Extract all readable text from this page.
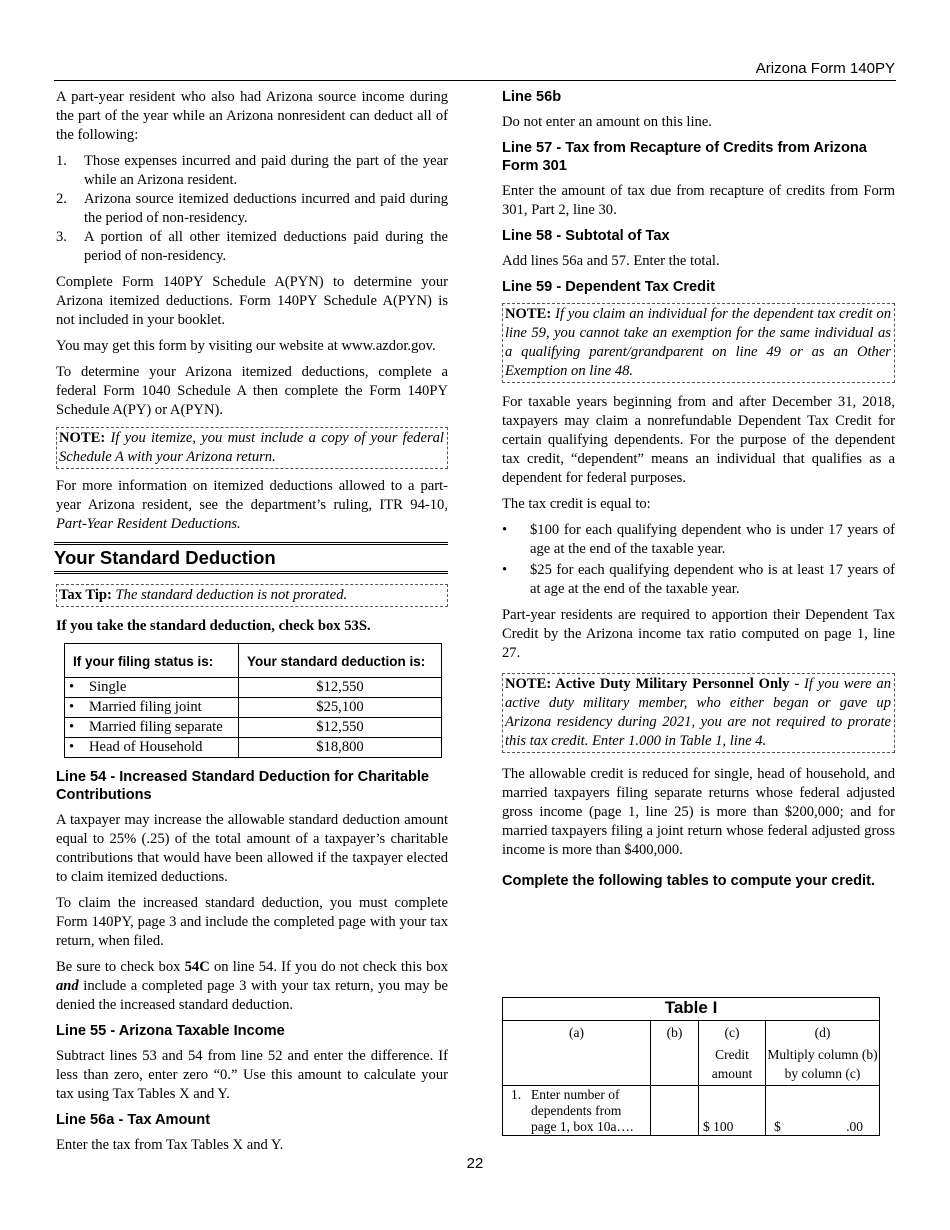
Arizona Form 140PY

A part-year resident who also had Arizona source income during the part of the year while an Arizona nonresident can deduct all of the following:

1.	Those expenses incurred and paid during the part of the year while an Arizona resident.
2.	Arizona source itemized deductions incurred and paid during the period of non-residency.
3.	A portion of all other itemized deductions paid during the period of non-residency.

Complete Form 140PY Schedule A(PYN) to determine your Arizona itemized deductions. Form 140PY Schedule A(PYN) is not included in your booklet.

You may get this form by visiting our website at www.azdor.gov.

To determine your Arizona itemized deductions, complete a federal Form 1040 Schedule A then complete the Form 140PY Schedule A(PY) or A(PYN).

NOTE: If you itemize, you must include a copy of your federal Schedule A with your Arizona return.

For more information on itemized deductions allowed to a part-year Arizona resident, see the department’s ruling, ITR 94-10, Part-Year Resident Deductions.

Your Standard Deduction
Tax Tip: The standard deduction is not prorated.

If you take the standard deduction, check box 53S.

If your filing status is:	Your standard deduction is:
• Single	$12,550
• Married filing joint	$25,100
• Married filing separate	$12,550
• Head of Household	$18,800
Line 54 - Increased Standard Deduction for Charitable Contributions

A taxpayer may increase the allowable standard deduction amount equal to 25% (.25) of the total amount of a taxpayer’s charitable contributions that would have been allowed if the taxpayer elected to claim itemized deductions.

To claim the increased standard deduction, you must complete Form 140PY, page 3 and include the completed page with your tax return, when filed.

Be sure to check box 54C on line 54. If you do not check this box and include a completed page 3 with your tax return, you may be denied the increased standard deduction.

Line 55 - Arizona Taxable Income

Subtract lines 53 and 54 from line 52 and enter the difference. If less than zero, enter zero “0.” Use this amount to calculate your tax using Tax Tables X and Y.

Line 56a - Tax Amount

Enter the tax from Tax Tables X and Y.

Line 56b

Do not enter an amount on this line.

Line 57 - Tax from Recapture of Credits from Arizona Form 301

Enter the amount of tax due from recapture of credits from Form 301, Part 2, line 30.

Line 58 - Subtotal of Tax

Add lines 56a and 57. Enter the total.

Line 59 - Dependent Tax Credit
NOTE: If you claim an individual for the dependent tax credit on line 59, you cannot take an exemption for the same individual as a qualifying parent/grandparent on line 49 or as an Other Exemption on line 48.

For taxable years beginning from and after December 31, 2018, taxpayers may claim a nonrefundable Dependent Tax Credit for certain qualifying dependents. For the purpose of the dependent tax credit, “dependent” means an individual that qualifies as a dependent for federal purposes.

The tax credit is equal to:

•	$100 for each qualifying dependent who is under 17 years of age at the end of the taxable year.
•	$25 for each qualifying dependent who is at least 17 years of at age at the end of the taxable year.

Part-year residents are required to apportion their Dependent Tax Credit by the Arizona income tax ratio computed on page 1, line 27.

NOTE: Active Duty Military Personnel Only - If you were an active duty military member, who either began or gave up Arizona residency during 2021, you are not required to prorate this tax credit. Enter 1.000 in Table 1, line 4.

The allowable credit is reduced for single, head of household, and married taxpayers filing separate returns whose federal adjusted gross income (page 1, line 25) is more than $200,000; and for married taxpayers filing a joint return whose federal adjusted gross income is more than $400,000.

Complete the following tables to compute your credit.
Table I			
(a)	(b)	(c)	(d)
		Credit amount	Multiply column (b) by column (c)

1. Enter number of dependents from page 1, box 10a….		$ 100	$ .00
22
